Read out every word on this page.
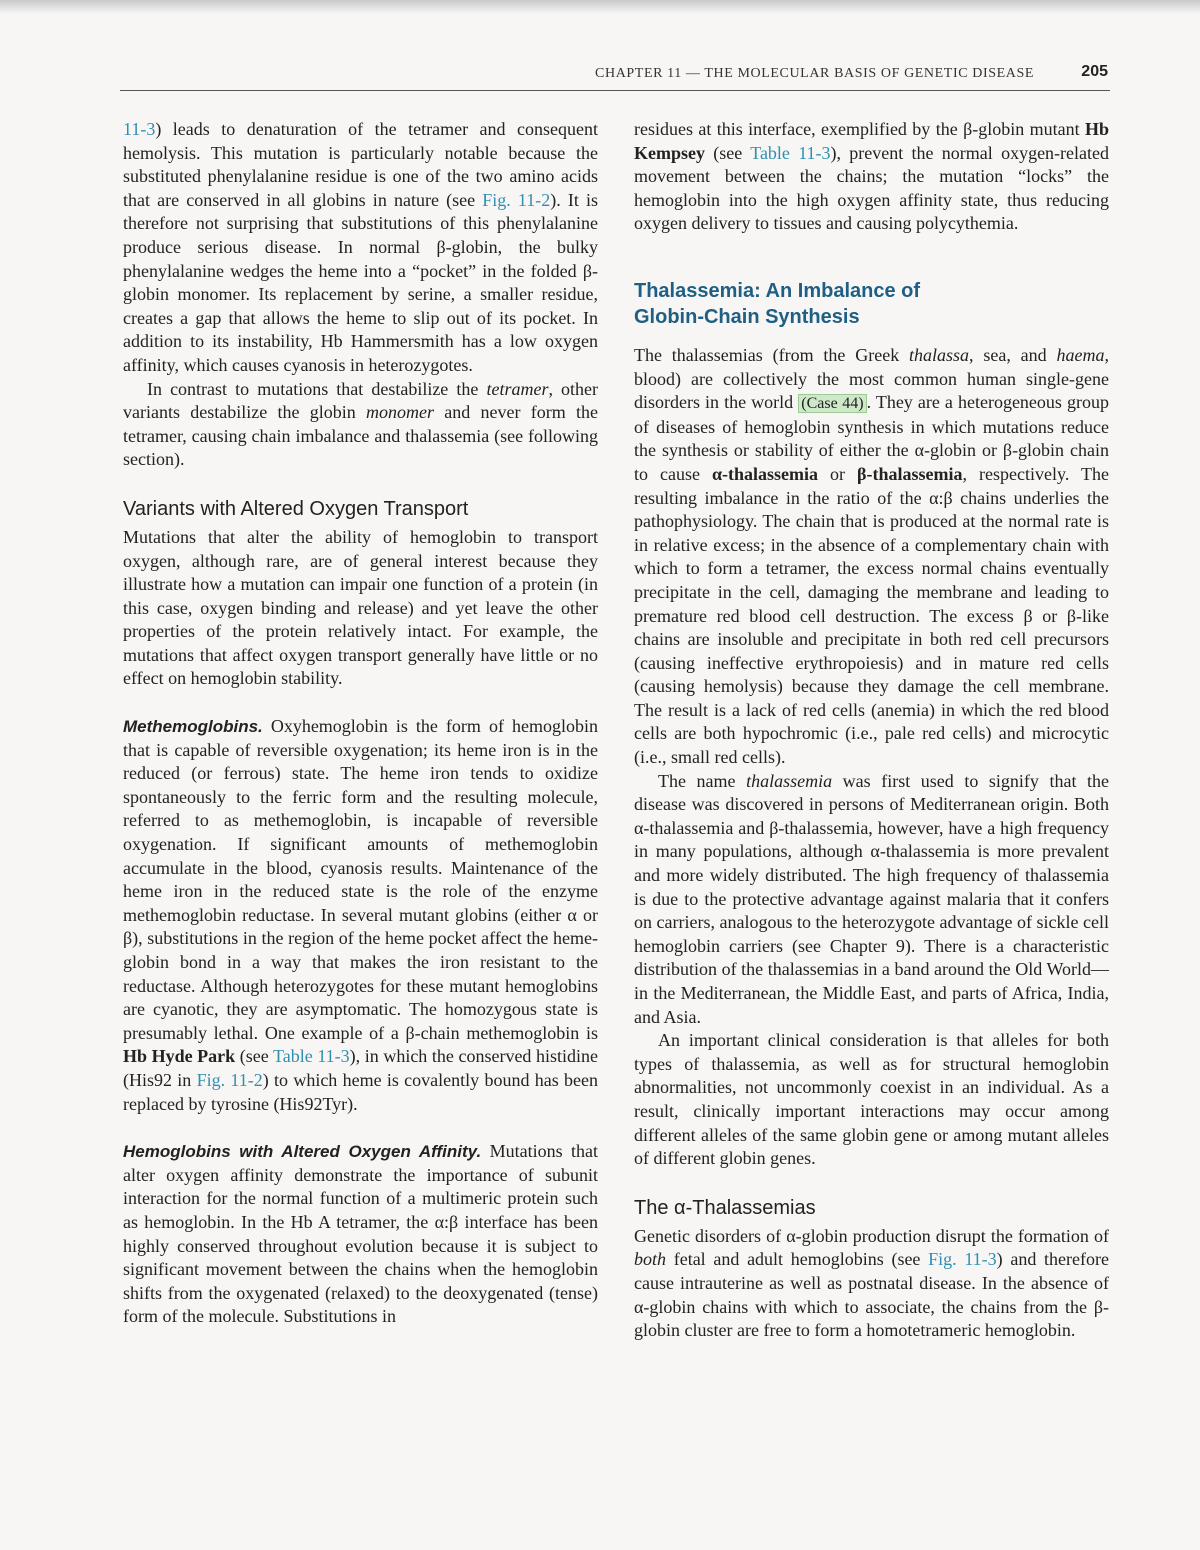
CHAPTER 11 — THE MOLECULAR BASIS OF GENETIC DISEASE	205

11-3) leads to denaturation of the tetramer and consequent hemolysis. This mutation is particularly notable because the substituted phenylalanine residue is one of the two amino acids that are conserved in all globins in nature (see Fig. 11-2). It is therefore not surprising that substitutions of this phenylalanine produce serious disease. In normal β-globin, the bulky phenylalanine wedges the heme into a “pocket” in the folded β-globin monomer. Its replacement by serine, a smaller residue, creates a gap that allows the heme to slip out of its pocket. In addition to its instability, Hb Hammersmith has a low oxygen affinity, which causes cyanosis in heterozygotes.

In contrast to mutations that destabilize the tetramer, other variants destabilize the globin monomer and never form the tetramer, causing chain imbalance and thalassemia (see following section).

Variants with Altered Oxygen Transport

Mutations that alter the ability of hemoglobin to transport oxygen, although rare, are of general interest because they illustrate how a mutation can impair one function of a protein (in this case, oxygen binding and release) and yet leave the other properties of the protein relatively intact. For example, the mutations that affect oxygen transport generally have little or no effect on hemoglobin stability.

Methemoglobins. Oxyhemoglobin is the form of hemoglobin that is capable of reversible oxygenation; its heme iron is in the reduced (or ferrous) state. The heme iron tends to oxidize spontaneously to the ferric form and the resulting molecule, referred to as methemoglobin, is incapable of reversible oxygenation. If significant amounts of methemoglobin accumulate in the blood, cyanosis results. Maintenance of the heme iron in the reduced state is the role of the enzyme methemoglobin reductase. In several mutant globins (either α or β), substitutions in the region of the heme pocket affect the heme-globin bond in a way that makes the iron resistant to the reductase. Although heterozygotes for these mutant hemoglobins are cyanotic, they are asymptomatic. The homozygous state is presumably lethal. One example of a β-chain methemoglobin is Hb Hyde Park (see Table 11-3), in which the conserved histidine (His92 in Fig. 11-2) to which heme is covalently bound has been replaced by tyrosine (His92Tyr).

Hemoglobins with Altered Oxygen Affinity. Mutations that alter oxygen affinity demonstrate the importance of subunit interaction for the normal function of a multimeric protein such as hemoglobin. In the Hb A tetramer, the α:β interface has been highly conserved throughout evolution because it is subject to significant movement between the chains when the hemoglobin shifts from the oxygenated (relaxed) to the deoxygenated (tense) form of the molecule. Substitutions in

residues at this interface, exemplified by the β-globin mutant Hb Kempsey (see Table 11-3), prevent the normal oxygen-related movement between the chains; the mutation “locks” the hemoglobin into the high oxygen affinity state, thus reducing oxygen delivery to tissues and causing polycythemia.

Thalassemia: An Imbalance of
Globin-Chain Synthesis

The thalassemias (from the Greek thalassa, sea, and haema, blood) are collectively the most common human single-gene disorders in the world (Case 44) . They are a heterogeneous group of diseases of hemoglobin synthesis in which mutations reduce the synthesis or stability of either the α-globin or β-globin chain to cause α-thalassemia or β-thalassemia, respectively. The resulting imbalance in the ratio of the α:β chains underlies the pathophysiology. The chain that is produced at the normal rate is in relative excess; in the absence of a complementary chain with which to form a tetramer, the excess normal chains eventually precipitate in the cell, damaging the membrane and leading to premature red blood cell destruction. The excess β or β-like chains are insoluble and precipitate in both red cell precursors (causing ineffective erythropoiesis) and in mature red cells (causing hemolysis) because they damage the cell membrane. The result is a lack of red cells (anemia) in which the red blood cells are both hypochromic (i.e., pale red cells) and microcytic (i.e., small red cells).

The name thalassemia was first used to signify that the disease was discovered in persons of Mediterranean origin. Both α-thalassemia and β-thalassemia, however, have a high frequency in many populations, although α-thalassemia is more prevalent and more widely distributed. The high frequency of thalassemia is due to the protective advantage against malaria that it confers on carriers, analogous to the heterozygote advantage of sickle cell hemoglobin carriers (see Chapter 9). There is a characteristic distribution of the thalassemias in a band around the Old World—in the Mediterranean, the Middle East, and parts of Africa, India, and Asia.

An important clinical consideration is that alleles for both types of thalassemia, as well as for structural hemoglobin abnormalities, not uncommonly coexist in an individual. As a result, clinically important interactions may occur among different alleles of the same globin gene or among mutant alleles of different globin genes.

The α-Thalassemias

Genetic disorders of α-globin production disrupt the formation of both fetal and adult hemoglobins (see Fig. 11-3) and therefore cause intrauterine as well as postnatal disease. In the absence of α-globin chains with which to associate, the chains from the β-globin cluster are free to form a homotetrameric hemoglobin.
